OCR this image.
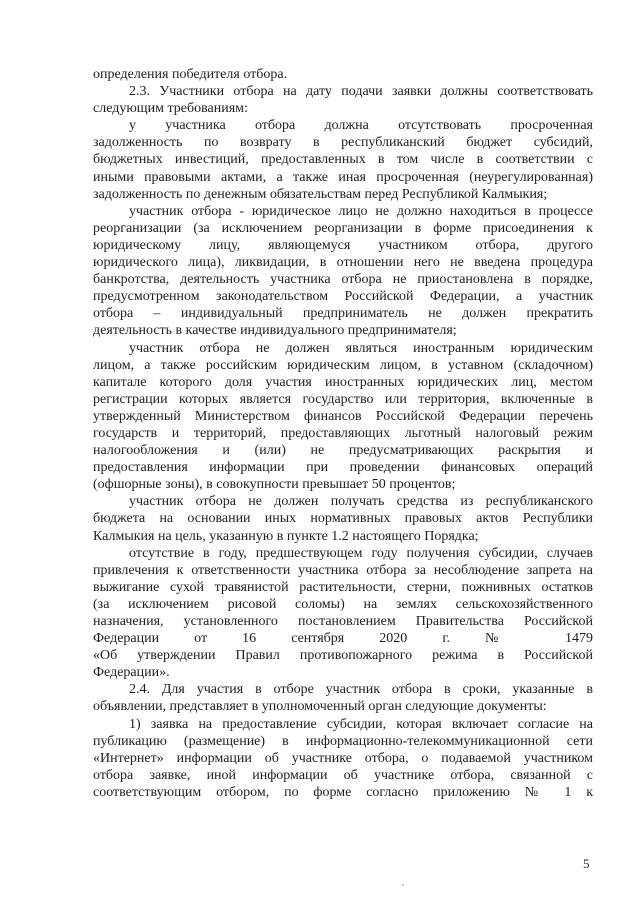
определения победителя отбора.
2.3. Участники отбора на дату подачи заявки должны соответствовать
следующим требованиям:
у участника отбора должна отсутствовать просроченная
задолженность по возврату в республиканский бюджет субсидий,
бюджетных инвестиций, предоставленных в том числе в соответствии с
иными правовыми актами, а также иная просроченная (неурегулированная)
задолженность по денежным обязательствам перед Республикой Калмыкия;
участник отбора - юридическое лицо не должно находиться в процессе
реорганизации (за исключением реорганизации в форме присоединения к
юридическому лицу, являющемуся участником отбора, другого
юридического лица), ликвидации, в отношении него не введена процедура
банкротства, деятельность участника отбора не приостановлена в порядке,
предусмотренном законодательством Российской Федерации, а участник
отбора – индивидуальный предприниматель не должен прекратить
деятельность в качестве индивидуального предпринимателя;
участник отбора не должен являться иностранным юридическим
лицом, а также российским юридическим лицом, в уставном (складочном)
капитале которого доля участия иностранных юридических лиц, местом
регистрации которых является государство или территория, включенные в
утвержденный Министерством финансов Российской Федерации перечень
государств и территорий, предоставляющих льготный налоговый режим
налогообложения и (или) не предусматривающих раскрытия и
предоставления информации при проведении финансовых операций
(офшорные зоны), в совокупности превышает 50 процентов;
участник отбора не должен получать средства из республиканского
бюджета на основании иных нормативных правовых актов Республики
Калмыкия на цель, указанную в пункте 1.2 настоящего Порядка;
отсутствие в году, предшествующем году получения субсидии, случаев
привлечения к ответственности участника отбора за несоблюдение запрета на
выжигание сухой травянистой растительности, стерни, пожнивных остатков
(за исключением рисовой соломы) на землях сельскохозяйственного
назначения, установленного постановлением Правительства Российской
Федерации от 16 сентября 2020 г. № 1479
«Об утверждении Правил противопожарного режима в Российской
Федерации».
2.4. Для участия в отборе участник отбора в сроки, указанные в
объявлении, представляет в уполномоченный орган следующие документы:
1) заявка на предоставление субсидии, которая включает согласие на
публикацию (размещение) в информационно-телекоммуникационной сети
«Интернет» информации об участнике отбора, о подаваемой участником
отбора заявке, иной информации об участнике отбора, связанной с
соответствующим отбором, по форме согласно приложению № 1 к
5
